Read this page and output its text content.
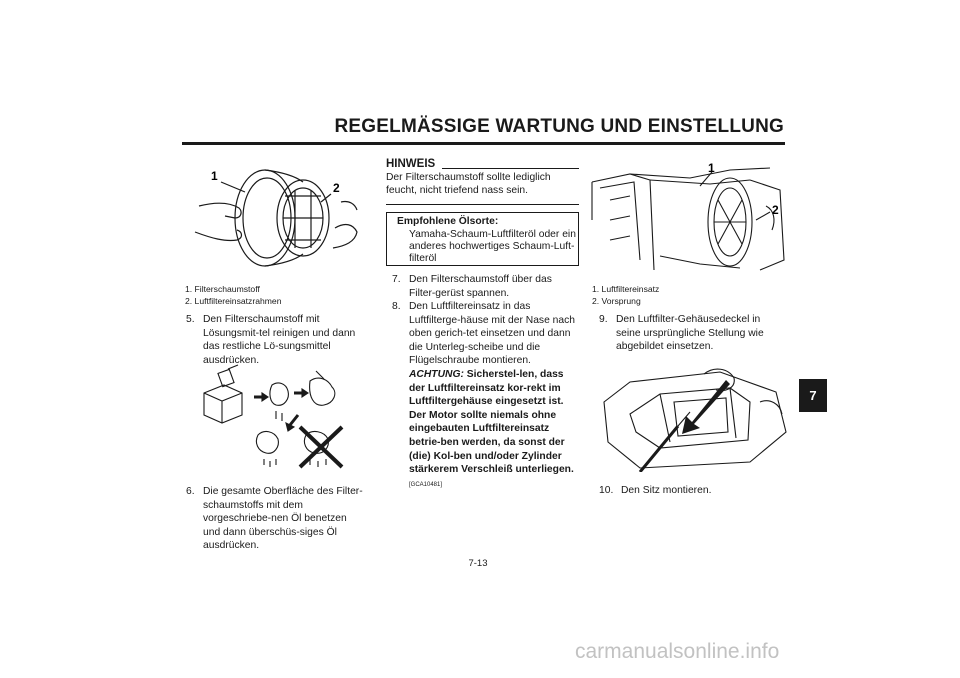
REGELMÄSSIGE WARTUNG UND EINSTELLUNG
1
2
1. Filterschaumstoff
2. Luftfiltereinsatzrahmen
5. Den Filterschaumstoff mit Lösungsmit-tel reinigen und dann das restliche Lö-sungsmittel ausdrücken.
6. Die gesamte Oberfläche des Filter-schaumstoffs mit dem vorgeschriebe-nen Öl benetzen und dann überschüs-siges Öl ausdrücken.
HINWEIS
Der Filterschaumstoff sollte lediglich feucht, nicht triefend nass sein.
Empfohlene Ölsorte:
Yamaha-Schaum-Luftfilteröl oder ein anderes hochwertiges Schaum-Luft-filteröl
7. Den Filterschaumstoff über das Filter-gerüst spannen.
8. Den Luftfiltereinsatz in das Luftfilterge-häuse mit der Nase nach oben gerich-tet einsetzen und dann die Unterleg-scheibe und die Flügelschraube montieren. ACHTUNG: Sicherstel-len, dass der Luftfiltereinsatz kor-rekt im Luftfiltergehäuse eingesetzt ist. Der Motor sollte niemals ohne eingebauten Luftfiltereinsatz betrie-ben werden, da sonst der (die) Kol-ben und/oder Zylinder stärkerem Verschleiß unterliegen. [GCA10481]
1
2
1. Luftfiltereinsatz
2. Vorsprung
9. Den Luftfilter-Gehäusedeckel in seine ursprüngliche Stellung wie abgebildet einsetzen.
10. Den Sitz montieren.
7
7-13
carmanualsonline.info
